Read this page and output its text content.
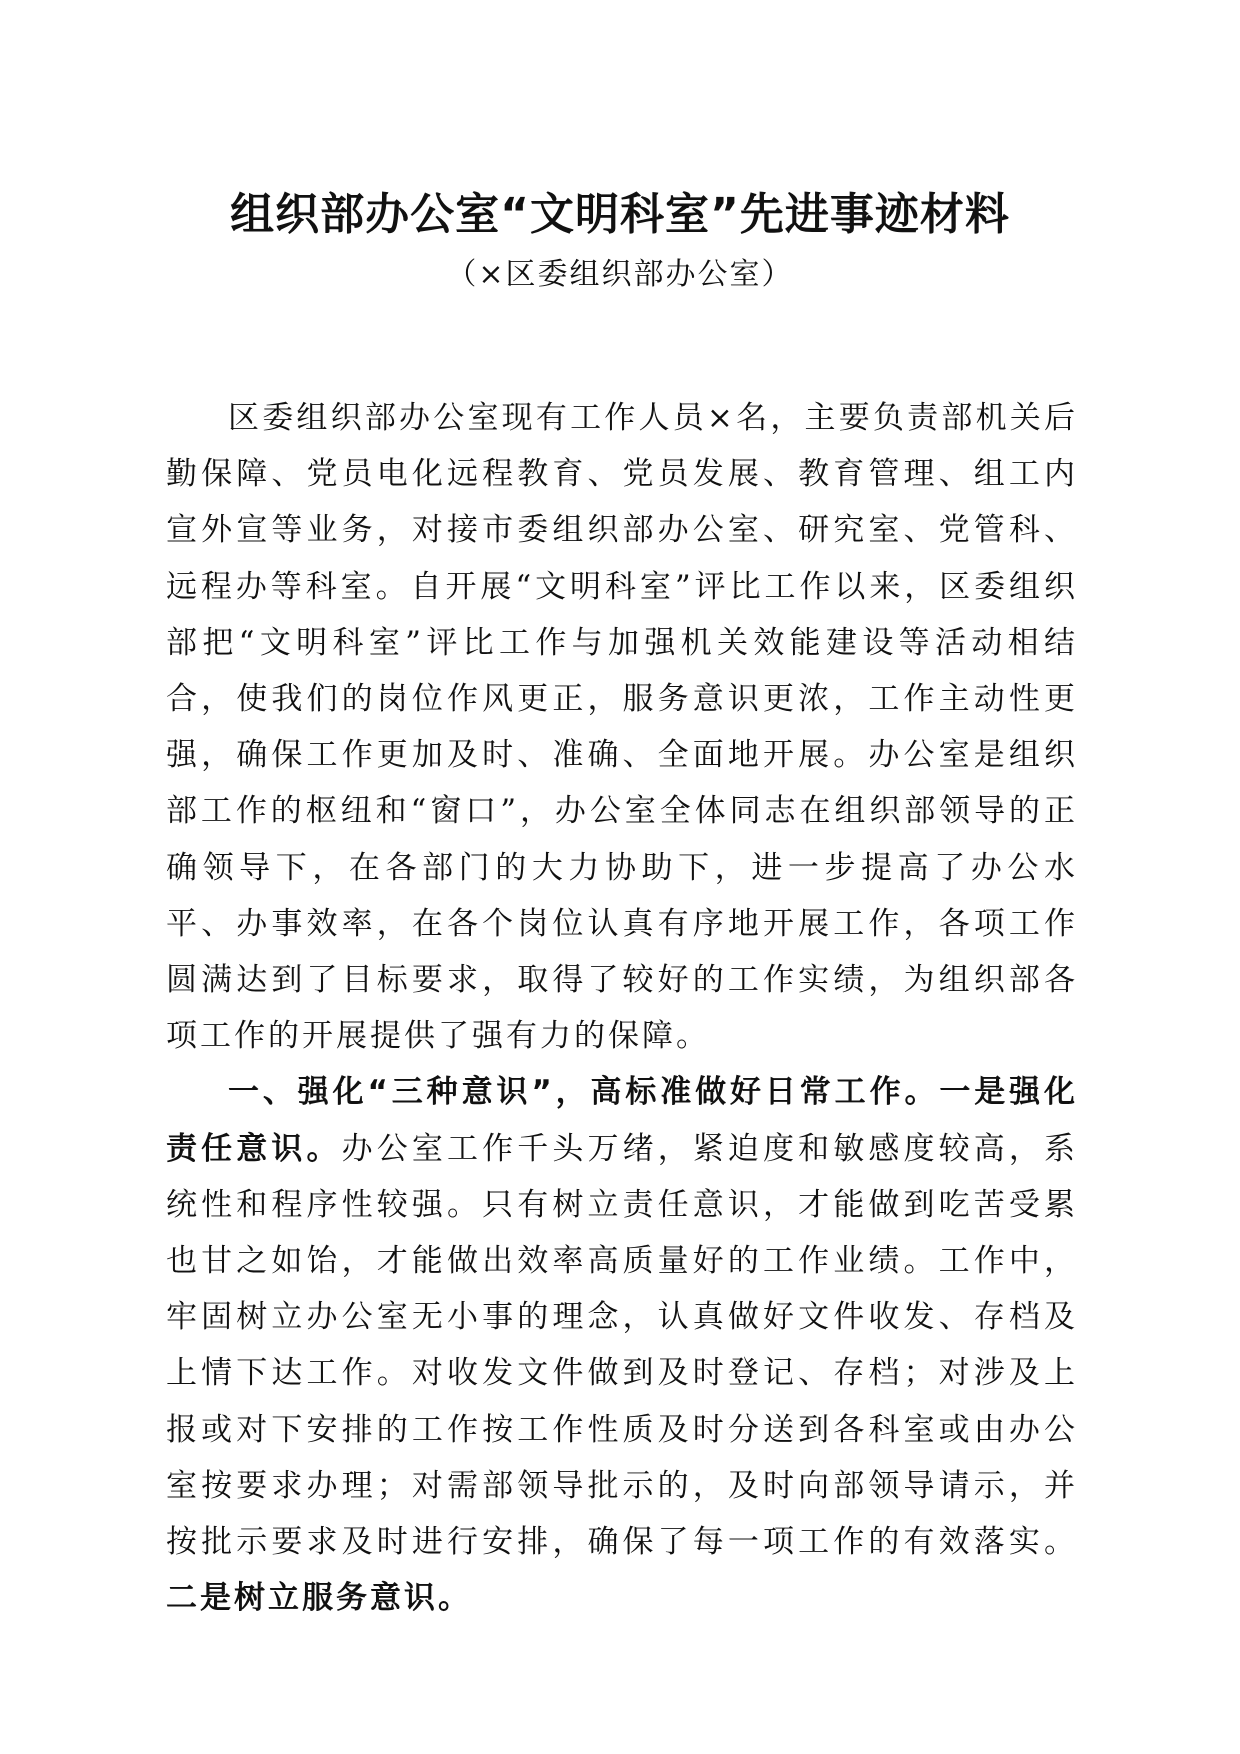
组织部办公室“文明科室”先进事迹材料
（×区委组织部办公室）

区委组织部办公室现有工作人员×名，主要负责部机关后勤保障、党员电化远程教育、党员发展、教育管理、组工内宣外宣等业务，对接市委组织部办公室、研究室、党管科、远程办等科室。自开展“文明科室”评比工作以来，区委组织部把“文明科室”评比工作与加强机关效能建设等活动相结合，使我们的岗位作风更正，服务意识更浓，工作主动性更强，确保工作更加及时、准确、全面地开展。办公室是组织部工作的枢纽和“窗口”，办公室全体同志在组织部领导的正确领导下，在各部门的大力协助下，进一步提高了办公水平、办事效率，在各个岗位认真有序地开展工作，各项工作圆满达到了目标要求，取得了较好的工作实绩，为组织部各项工作的开展提供了强有力的保障。

一、强化“三种意识”，高标准做好日常工作。一是强化责任意识。办公室工作千头万绪，紧迫度和敏感度较高，系统性和程序性较强。只有树立责任意识，才能做到吃苦受累也甘之如饴，才能做出效率高质量好的工作业绩。工作中，牢固树立办公室无小事的理念，认真做好文件收发、存档及上情下达工作。对收发文件做到及时登记、存档；对涉及上报或对下安排的工作按工作性质及时分送到各科室或由办公室按要求办理；对需部领导批示的，及时向部领导请示，并按批示要求及时进行安排，确保了每一项工作的有效落实。二是树立服务意识。
